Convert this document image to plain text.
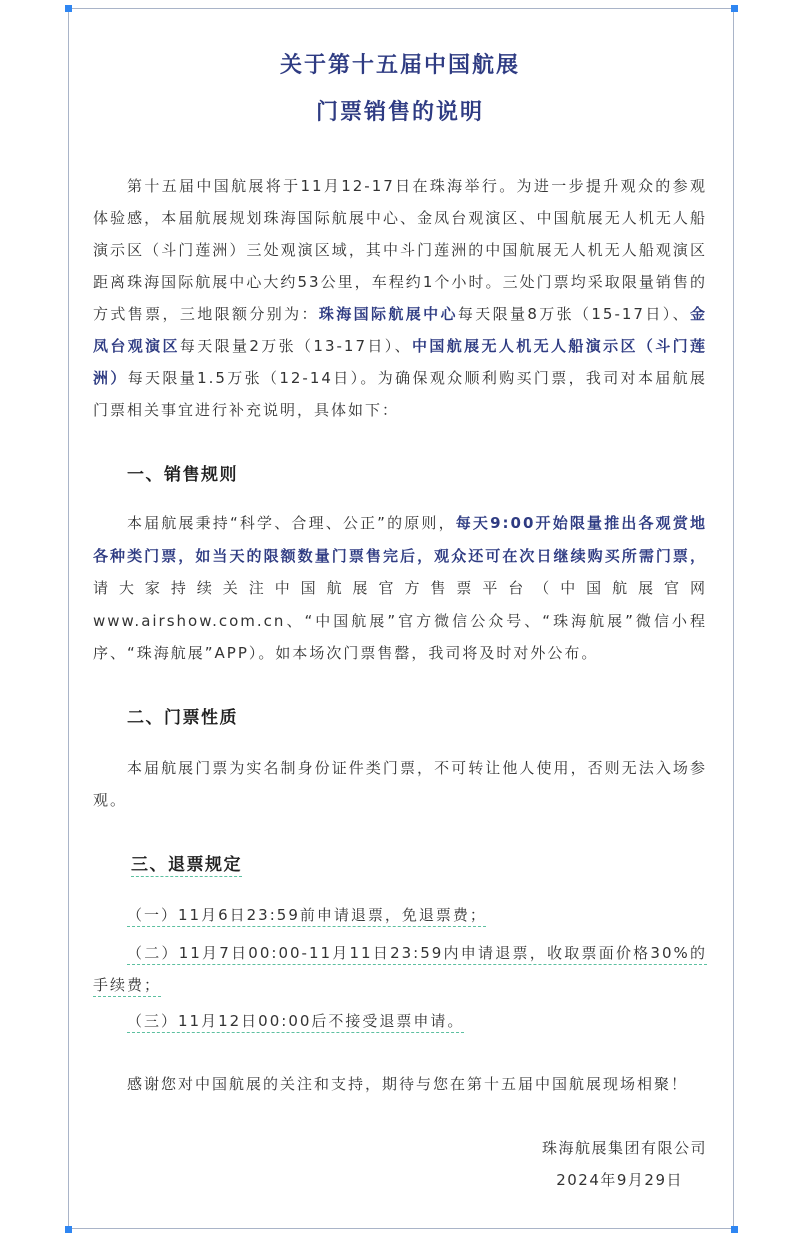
关于第十五届中国航展
门票销售的说明

第十五届中国航展将于11月12-17日在珠海举行。为进一步提升观众的参观体验感，本届航展规划珠海国际航展中心、金凤台观演区、中国航展无人机无人船演示区（斗门莲洲）三处观演区域，其中斗门莲洲的中国航展无人机无人船观演区距离珠海国际航展中心大约53公里，车程约1个小时。三处门票均采取限量销售的方式售票，三地限额分别为：珠海国际航展中心每天限量8万张（15-17日）、金凤台观演区每天限量2万张（13-17日）、中国航展无人机无人船演示区（斗门莲洲）每天限量1.5万张（12-14日）。为确保观众顺利购买门票，我司对本届航展门票相关事宜进行补充说明，具体如下：

一、销售规则

本届航展秉持“科学、合理、公正”的原则，每天9:00开始限量推出各观赏地各种类门票，如当天的限额数量门票售完后，观众还可在次日继续购买所需门票，请大家持续关注中国航展官方售票平台（中国航展官网www.airshow.com.cn、“中国航展”官方微信公众号、“珠海航展”微信小程序、“珠海航展”APP）。如本场次门票售罄，我司将及时对外公布。

二、门票性质

本届航展门票为实名制身份证件类门票，不可转让他人使用，否则无法入场参观。

三、退票规定

（一）11月6日23:59前申请退票，免退票费；

（二）11月7日00:00-11月11日23:59内申请退票，收取票面价格30%的手续费；

（三）11月12日00:00后不接受退票申请。

感谢您对中国航展的关注和支持，期待与您在第十五届中国航展现场相聚！

珠海航展集团有限公司

2024年9月29日
